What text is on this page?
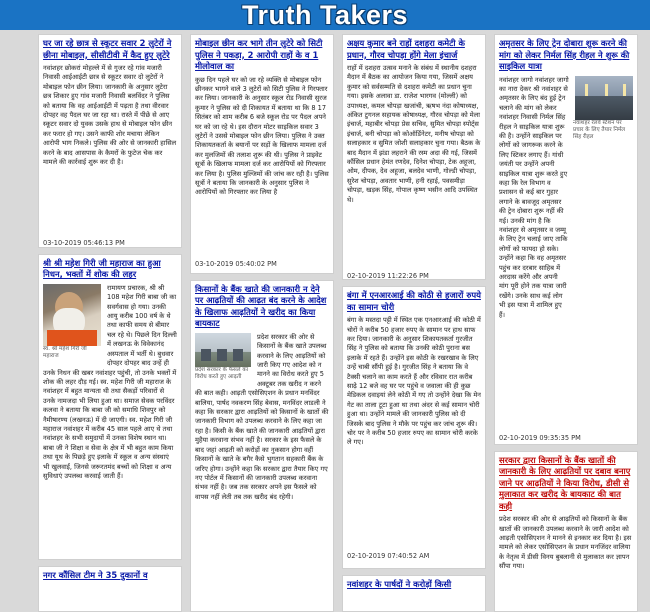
Truth Takers
घर जा रहे छात्र से स्कूटर सवार 2 लुटेरों ने छीना मोबाइल, सीसीटीवी में कैद हुए लुटेरे

नवांशहर छोकरां मोहल्ले में से गुजर रहे गांव मजारी निवासी आईआईटी छात्र से स्कूटर सवार दो लुटेरों ने मोबाइल फोन छीन लिया। जानकारी के अनुसार लुटेरा छत्र शिकार हुए गांव मजारी निवासी बलविंदर ने पुलिस को बताया कि वह आईआईटी में पढ़ता है तथा वीरवार दोपहर वह पैदल घर जा रहा था। रास्ते में पीछे से आए स्कूटर सवार दो युवक उसके हाथ से मोबाइल फोन छीन कर फरार हो गए। उसने काफी शोर मचाया लेकिन आरोपी भाग निकले। पुलिस की ओर से जानकारी हासिल करने के बाद आसपास के कैमरों के फुटेज चेक कर मामले की कार्रवाई शुरू कर दी है।

03-10-2019 05:46:13 PM
श्री श्री महेश गिरी जी महाराज का हुआ निधन, भक्तों में शोक की लहर
स्व. श्री महेश गिरी जी महाराज

रामायण प्रचारक, श्री श्री 108 महेश गिरी बाबा जी का सवर्गवास हो गया। उनकी आयु करीब 100 वर्ष के थे तथा काफी समय से बीमार चल रहे थे। पिछले दिन दिल्ली में लखनऊ के विवेकानंद अस्पताल में भर्ती थे। बुधवार दोपहर दोपहर बाद उन्हें ही उनके निधन की खबर नवांशहर पहुंची, तो उनके भक्तों में शोक की लहर दौड़ गई। स्व. महेश गिरी जी महाराज के नवांशहर में बहुत मान्यता थी तथा सैकड़ों परिवारों से उनके नामजदा भी लिया हुआ था। समाज सेवक परविंदर कलवा ने बताया कि बाबा जी को समाधि शिवपुर को नैमीषारण्य (लखनऊ) में दी जाएगी। स्व. महेश गिरी जी महाराज नवांशहर में करीब 45 साल पहले आए थे तथा नवांशहर के सभी समुदायों में उनका विशेष स्थान था। बाबा जी ने शिक्षा व सेवा के क्षेत्र में भी बहुत काम किया तथा यूथ के पिछड़े हुए इलाके में स्कूल व अन्य संस्थाएं भी खुलवाईं, जिनसे जरूरतमंद बच्चों को शिक्षा व अन्य सुविधाएं उपलब्ध करवाई जाती हैं।

नगर कौंसिल टीम ने 35 दुकानों व
मोबाइल छीन कर भागे तीन लुटेरे को सिटी पुलिस ने पकड़ा, 2 आरोपी राहों के व 1 मीलोवाल का

कुछ दिन पहले घर को जा रहे व्यक्ति से मोबाइल फोन छीनकर भागने वाले 3 लुटेरों को सिटी पुलिस ने गिरफ्तार कर लिया। जानकारी के अनुसार स्कूल रोड निवासी सुरज कुमार ने पुलिस को दी शिकायत में बताया था कि 8 17 सितंबर को शाम करीब 6 बजे स्कूल रोड पर पैदल अपने घर को जा रहे थे। इस दौरान मोटर साइकिल सवार 3 लुटेरों ने उससे मोबाइल फोन छीन लिया। पुलिस ने उक्त शिकायतकर्ता के बयानों पर सड़ों के खिलाफ मामला दर्ज कर मुलजिमों की तलाश शुरू की थी। पुलिस ने प्राइवेट सूत्रों के खिलाफ मामला दर्ज कर आरोपियों को गिरफ्तार कर लिया है। पुलिस मुल्जिमों की जांच कर रही है। पुलिस सूत्रों ने बताया कि जानकारी के अनुसार पुलिस ने आरोपियों को गिरफ्तार कर लिया है

03-10-2019 05:40:02 PM
किसानों के बैंक खाते की जानकारी न देने पर आढ़तियों की आढ़त बंद करने के आदेश के खिलाफ आढ़तियों ने खरीद का किया बायकाट
प्रदेश सरकार के फैसले का विरोध करते हुए आढ़ती

प्रदेश सरकार की ओर से किसानों के बैंक खाते उपलब्ध करवाने के लिए आढ़तियों को जारी किए गए आदेश को न मानने का विरोध करते हुए 5 अक्टूबर तक खरीद न करने की बात कही। आढ़ती एसोसिएशन के प्रधान मनविंदर बालिया, पार्षद नवकरण सिंह बेवास, मनविंदर लाडली ने कहा कि सरकार द्वारा आढ़तियों को किसानों के खातों की जानकारी विभाग को उपलब्ध करवाने के लिए कहा जा रहा है। किसी के बैंक खाते की जानकारी आढ़तियों द्वारा मुहैया करवाना संभव नहीं है। सरकार के इस फैसले के बाद जहां आढ़ती को करोड़ों का नुकसान होगा वहीं किसानों के खाते के बगैर कैसे भुगतान सहकारी बैंक के जरिए होगा। उन्होंने कहा कि सरकार द्वारा तैयार किए गए नए पोर्टल में किसानों की जानकारी उपलब्ध करवाना संभव नहीं है। जब तक सरकार अपने इस फैसले को वापस नहीं लेती तब तक खरीद बंद रहेगी।

अक्षय कुमार बने राहों दशहरा कमेटी के प्रधान, गौरव चोपड़ा होंगे मेला इंचार्ज

राहों में दशहरा उत्सव मनाने के संबंध में स्थानीय दशहरा मैदान में बैठक का आयोजन किया गया, जिसमें अक्षय कुमार को सर्वसम्मति से दशहरा कमेटी का प्रधान चुना गया। इसके अलावा डा. राजेश भारगव (मोल्ली) को उपाध्यक्ष, कमल चोपड़ा खजांची, ऋषभ नंदा कोषाध्यक्ष, अंकित टुगनल सहायक कोषाध्यक्ष, गौरव चोपड़ा को मेला इंचार्ज, महाबीर चोपड़ा प्रेस सचिव, सुमित चोपड़ा स्पोर्ट्स इंचार्ज, बनी चोपड़ा को कोऑर्डिनेटर, मनीष चोपड़ा को सलाहकार व सुमित जोशी सलाहकार चुना गया। बैठक के बाद मैदान में झंडा लहराने की रस्म अदा की गई, जिसमें कौंसिल प्रधान हेमंत रणदेव, दिनेश चोपड़ा, टेक अहूजा, ओम, दीपक, देव अहूजा, बलदेव भाणी, गोल्डी चोपड़ा, सुरेश चोपड़ा, अवतार भाणी, हनी रहाई, पवसमीड़ा चोपड़ा, खड़क सिंह, गोपाल कृष्ण भसीन आदि उपस्थित थे।

02-10-2019 11:22:26 PM
बंगा में एनआरआई की कोठी से हजारों रुपये का सामान चोरी

बंगा के मस्तदा पट्टी में स्थित एक एनआरआई की कोठी में चोरों ने करीब 50 हजार रुपए के सामान पर हाथ साफ कर दिया। जानकारी के अनुसार शिकायतकर्ता गुरजीत सिंह ने पुलिस को बताया कि उनकी कोठी पुराना बस इलाके में रहते हैं। उन्होंने इस कोठी के रखरखाव के लिए उन्हें चाबी सौंपी हुई है। गुरजीत सिंह ने बताया कि वे टैक्सी चलाने का काम करते हैं और रविवार रात करीब साढ़े 12 बजे वह घर पर पहुंचे व जवाला की ही कुछ मेडिकल दवाइयां लेने कोठी में गए तो उन्होंने देखा कि मेन गेट का ताला टूटा हुआ था तथा अंदर से कई सामान चोरी हुआ था। उन्होंने मामले की जानकारी पुलिस को दी जिसके बाद पुलिस ने मौके पर पहुंच कर जांच शुरू की। चोर पर ने करीब 50 हजार रुपए का सामान चोरी करके ले गए।

02-10-2019 07:40:52 AM
नवांशहर के पार्षदों ने करोड़ों किसी
अमृतसर के लिए ट्रेन दोबारा शुरू करने की मांग को लेकर निर्मल सिंह रीहल ने शुरू की साइकिल यात्रा
नवांशहर रेलवे स्टेशन पर प्रचार के लिए तैयार निर्मल सिंह रीहल

नवांशहर जागो नवांशहर जागो का नारा देकर श्री नवांशहर से अमृतसर के लिए बंद हुई ट्रेन चलाने की मांग को लेकर नवांशहर निवासी निर्मल सिंह रीहल ने साइकिल यात्रा शुरू की है। उन्होंने साइकिल पर लोगों को जागरूक करने के लिए स्टिकर लगाए हैं। गांधी जयंती पर उन्होंने अपनी साइकिल यात्रा शुरू करते हुए कहा कि रेल विभाग व प्रशासन से कई बार गुहार लगाने के बावजूद अमृतसर की ट्रेन दोबारा शुरू नहीं की गई। उनकी मांग है कि नवांशहर से अमृतसर व जम्मू के लिए ट्रेन चलाई जाए ताकि लोगों को फायदा हो सके। उन्होंने कहा कि वह अमृतसर पहुंच कर दरबार साहिब में अरदास करेंगे और अपनी मांग पूरी होने तक यात्रा जारी रखेंगे। उनके साथ कई लोग भी इस यात्रा में शामिल हुए हैं।

02-10-2019 09:35:35 PM
सरकार द्वारा किसानों के बैंक खातों की जानकारी के लिए आढ़तियों पर दबाव बनाए जाने पर आढ़तियों ने किया विरोध, डीसी से मुलाकात कर खरीद के बायकाट की बात कही

प्रदेश सरकार की ओर से आढ़तियों को किसानों के बैंक खातों की जानकारी उपलब्ध करवाने के जारी आदेश को आढ़ती एसोसिएशन ने मानने से इनकार कर दिया है। इस मामले को लेकर एसोसिएशन के प्रधान मनजिंदर वालिया के नेतृत्व में डीसी विनय बुबलानी से मुलाकात कर ज्ञापन सौंपा गया।
